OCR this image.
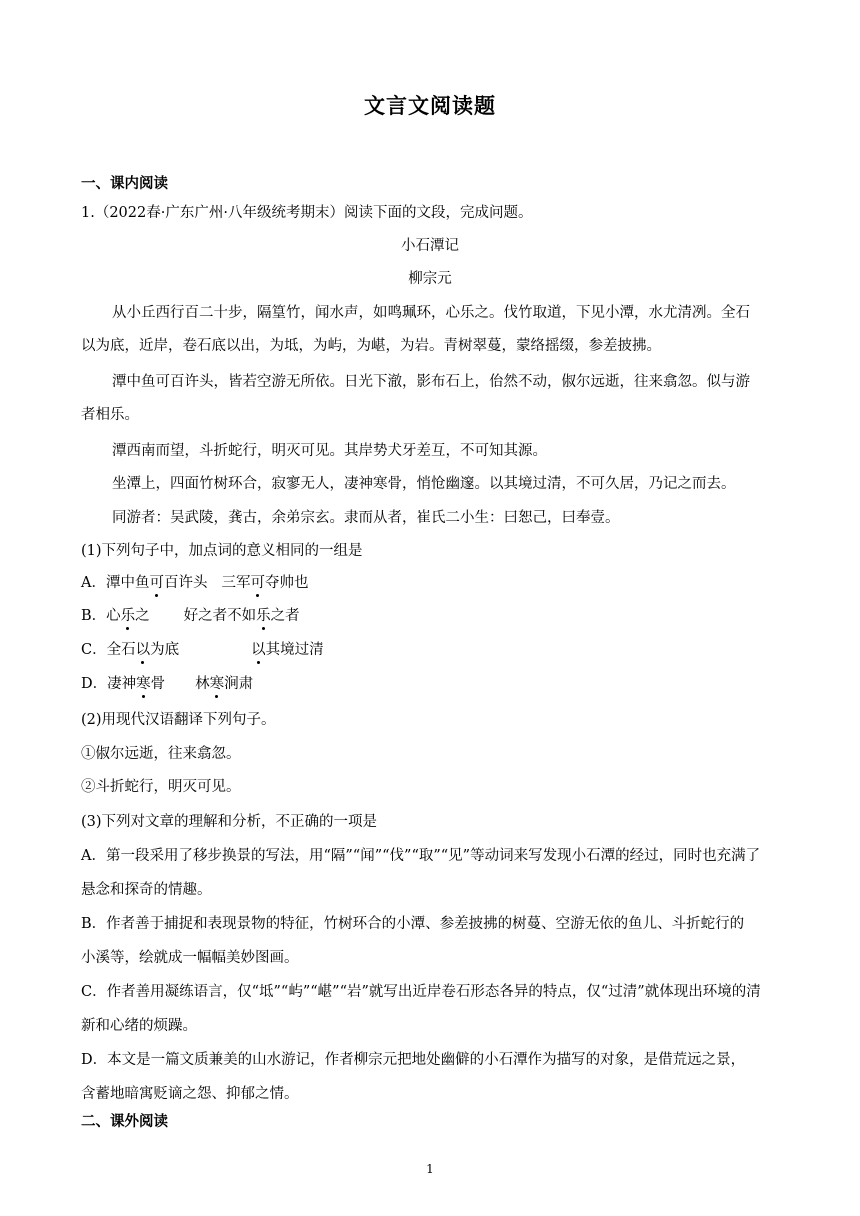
文言文阅读题
一、课内阅读
1.（2022春·广东广州·八年级统考期末）阅读下面的文段，完成问题。
小石潭记
柳宗元
从小丘西行百二十步，隔篁竹，闻水声，如鸣珮环，心乐之。伐竹取道，下见小潭，水尤清冽。全石
以为底，近岸，卷石底以出，为坻，为屿，为嵁，为岩。青树翠蔓，蒙络摇缀，参差披拂。
潭中鱼可百许头，皆若空游无所依。日光下澈，影布石上，佁然不动，俶尔远逝，往来翕忽。似与游
者相乐。
潭西南而望，斗折蛇行，明灭可见。其岸势犬牙差互，不可知其源。
坐潭上，四面竹树环合，寂寥无人，凄神寒骨，悄怆幽邃。以其境过清，不可久居，乃记之而去。
同游者：吴武陵，龚古，余弟宗玄。隶而从者，崔氏二小生：曰恕己，曰奉壹。
(1)下列句子中，加点词的意义相同的一组是
A．潭中鱼可百许头 三军可夺帅也
B．心乐之 好之者不如乐之者
C．全石以为底	以其境过清
D．凄神寒骨 林寒涧肃
(2)用现代汉语翻译下列句子。
①俶尔远逝，往来翕忽。
②斗折蛇行，明灭可见。
(3)下列对文章的理解和分析，不正确的一项是
A．第一段采用了移步换景的写法，用“隔”“闻”“伐”“取”“见”等动词来写发现小石潭的经过，同时也充满了
悬念和探奇的情趣。
B．作者善于捕捉和表现景物的特征，竹树环合的小潭、参差披拂的树蔓、空游无依的鱼儿、斗折蛇行的
小溪等，绘就成一幅幅美妙图画。
C．作者善用凝练语言，仅“坻”“屿”“嵁”“岩”就写出近岸卷石形态各异的特点，仅“过清”就体现出环境的清
新和心绪的烦躁。
D．本文是一篇文质兼美的山水游记，作者柳宗元把地处幽僻的小石潭作为描写的对象，是借荒远之景，
含蓄地暗寓贬谪之怨、抑郁之情。
二、课外阅读
1
